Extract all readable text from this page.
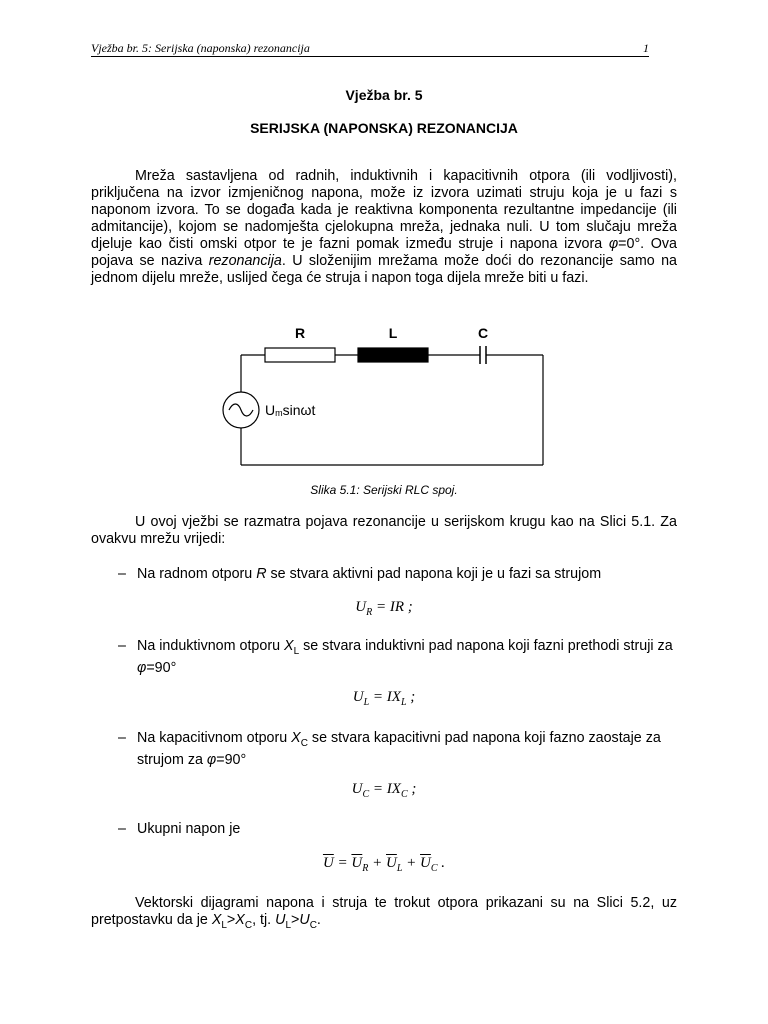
Vježba br. 5: Serijska (naponska) rezonancija	1
Vježba br. 5
SERIJSKA (NAPONSKA) REZONANCIJA
Mreža sastavljena od radnih, induktivnih i kapacitivnih otpora (ili vodljivosti), priključena na izvor izmjeničnog napona, može iz izvora uzimati struju koja je u fazi s naponom izvora. To se događa kada je reaktivna komponenta rezultantne impedancije (ili admitancije), kojom se nadomješta cjelokupna mreža, jednaka nuli. U tom slučaju mreža djeluje kao čisti omski otpor te je fazni pomak između struje i napona izvora φ=0°. Ova pojava se naziva rezonancija. U složenijim mrežama može doći do rezonancije samo na jednom dijelu mreže, uslijed čega će struja i napon toga dijela mreže biti u fazi.
R	L	C
Umsinωt
Slika 5.1: Serijski RLC spoj.
U ovoj vježbi se razmatra pojava rezonancije u serijskom krugu kao na Slici 5.1. Za ovakvu mrežu vrijedi:
– Na radnom otporu R se stvara aktivni pad napona koji je u fazi sa strujom
$U_R$ = IR ;
– Na induktivnom otporu $X_L$ se stvara induktivni pad napona koji fazni prethodi struji za φ=90°
$U_L = IX_L$ ;
– Na kapacitivnom otporu $X_C$ se stvara kapacitivni pad napona koji fazno zaostaje za strujom za φ=90°
$U_C = IX_C$ ;
– Ukupni napon je
$\overline{U} = \overline{U}_R + \overline{U}_L + \overline{U}_C$ .
Vektorski dijagrami napona i struja te trokut otpora prikazani su na Slici 5.2, uz pretpostavku da je $X_L>X_C$, tj. $U_L>U_C$.
